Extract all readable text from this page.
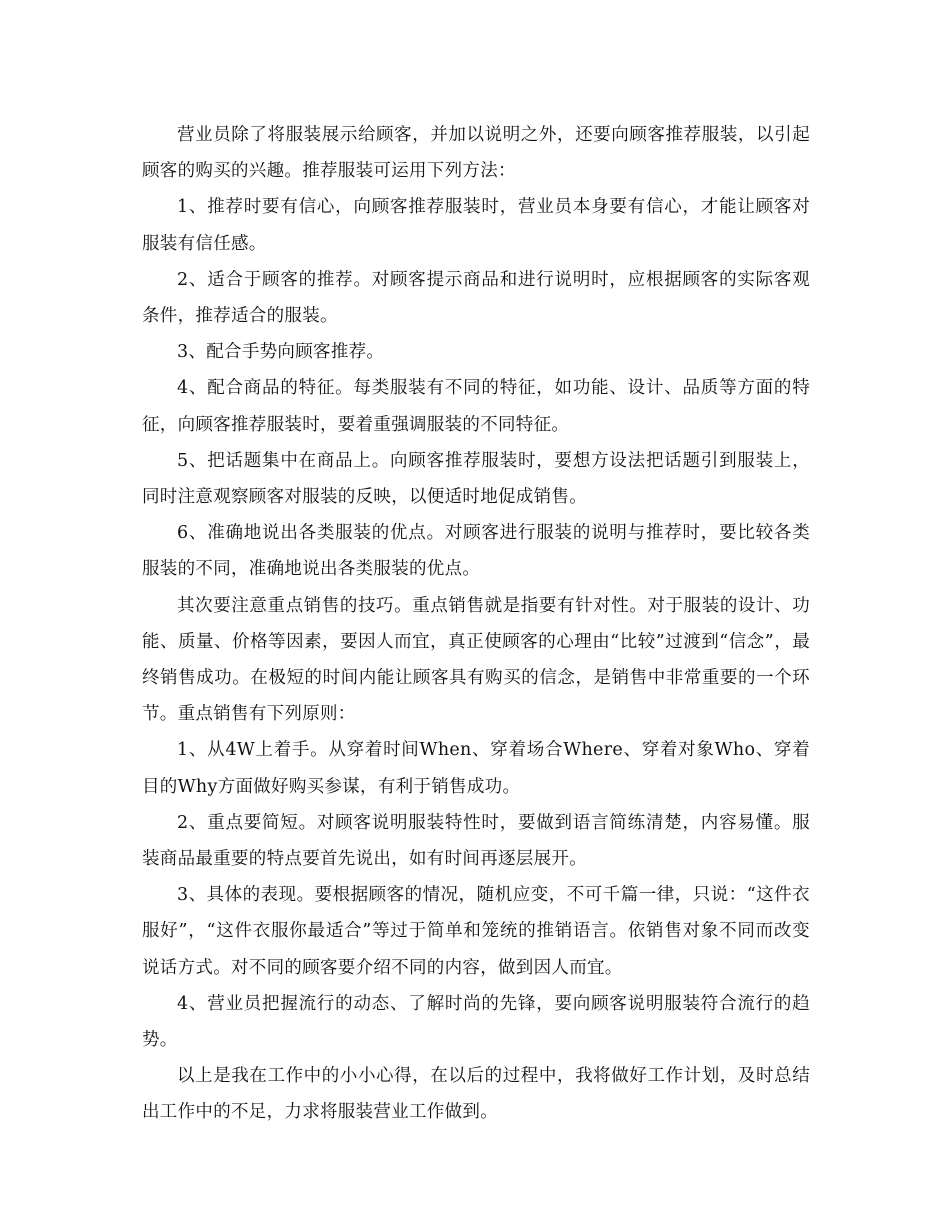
营业员除了将服装展示给顾客，并加以说明之外，还要向顾客推荐服装，以引起顾客的购买的兴趣。推荐服装可运用下列方法：

1、推荐时要有信心，向顾客推荐服装时，营业员本身要有信心，才能让顾客对服装有信任感。

2、适合于顾客的推荐。对顾客提示商品和进行说明时，应根据顾客的实际客观条件，推荐适合的服装。

3、配合手势向顾客推荐。

4、配合商品的特征。每类服装有不同的特征，如功能、设计、品质等方面的特征，向顾客推荐服装时，要着重强调服装的不同特征。

5、把话题集中在商品上。向顾客推荐服装时，要想方设法把话题引到服装上，同时注意观察顾客对服装的反映，以便适时地促成销售。

6、准确地说出各类服装的优点。对顾客进行服装的说明与推荐时，要比较各类服装的不同，准确地说出各类服装的优点。

其次要注意重点销售的技巧。重点销售就是指要有针对性。对于服装的设计、功能、质量、价格等因素，要因人而宜，真正使顾客的心理由“比较”过渡到“信念”，最终销售成功。在极短的时间内能让顾客具有购买的信念，是销售中非常重要的一个环节。重点销售有下列原则：

1、从4W上着手。从穿着时间When、穿着场合Where、穿着对象Who、穿着目的Why方面做好购买参谋，有利于销售成功。

2、重点要简短。对顾客说明服装特性时，要做到语言简练清楚，内容易懂。服装商品最重要的特点要首先说出，如有时间再逐层展开。

3、具体的表现。要根据顾客的情况，随机应变，不可千篇一律，只说：“这件衣服好”，“这件衣服你最适合”等过于简单和笼统的推销语言。依销售对象不同而改变说话方式。对不同的顾客要介绍不同的内容，做到因人而宜。

4、营业员把握流行的动态、了解时尚的先锋，要向顾客说明服装符合流行的趋势。

以上是我在工作中的小小心得，在以后的过程中，我将做好工作计划，及时总结出工作中的不足，力求将服装营业工作做到。
